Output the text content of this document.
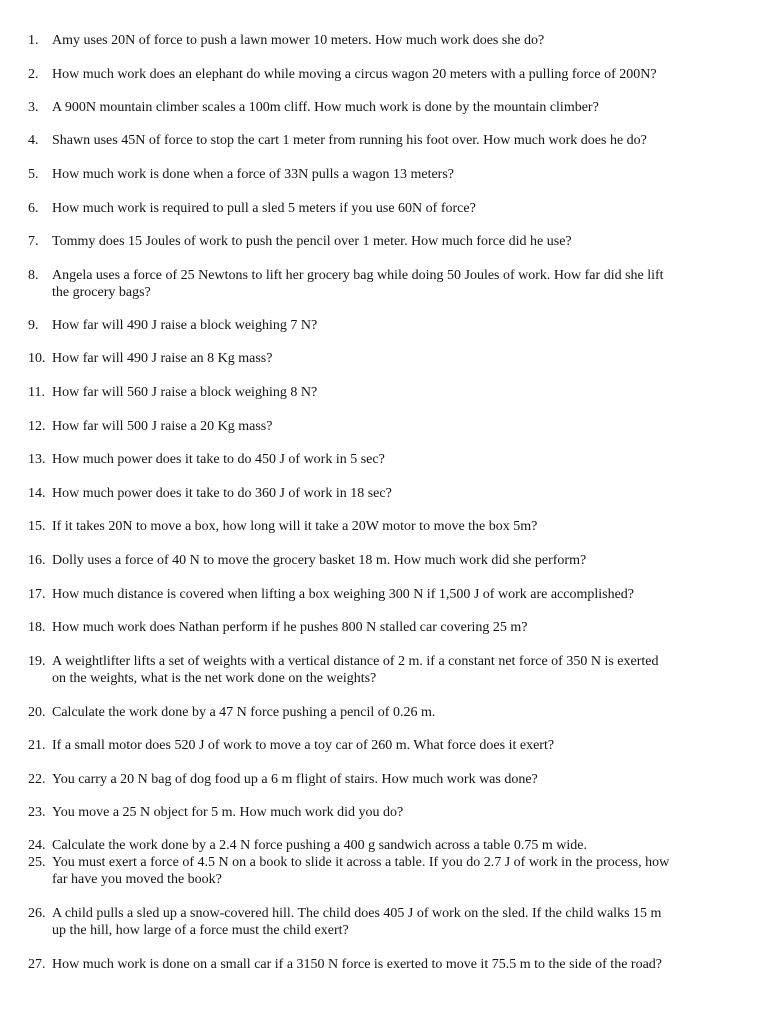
1. Amy uses 20N of force to push a lawn mower 10 meters. How much work does she do?
2. How much work does an elephant do while moving a circus wagon 20 meters with a pulling force of 200N?
3. A 900N mountain climber scales a 100m cliff. How much work is done by the mountain climber?
4. Shawn uses 45N of force to stop the cart 1 meter from running his foot over. How much work does he do?
5. How much work is done when a force of 33N pulls a wagon 13 meters?
6. How much work is required to pull a sled 5 meters if you use 60N of force?
7. Tommy does 15 Joules of work to push the pencil over 1 meter. How much force did he use?
8. Angela uses a force of 25 Newtons to lift her grocery bag while doing 50 Joules of work. How far did she lift
the grocery bags?
9. How far will 490 J raise a block weighing 7 N?
10. How far will 490 J raise an 8 Kg mass?
11. How far will 560 J raise a block weighing 8 N?
12. How far will 500 J raise a 20 Kg mass?
13. How much power does it take to do 450 J of work in 5 sec?
14. How much power does it take to do 360 J of work in 18 sec?
15. If it takes 20N to move a box, how long will it take a 20W motor to move the box 5m?
16. Dolly uses a force of 40 N to move the grocery basket 18 m. How much work did she perform?
17. How much distance is covered when lifting a box weighing 300 N if 1,500 J of work are accomplished?
18. How much work does Nathan perform if he pushes 800 N stalled car covering 25 m?
19. A weightlifter lifts a set of weights with a vertical distance of 2 m. if a constant net force of 350 N is exerted
on the weights, what is the net work done on the weights?
20. Calculate the work done by a 47 N force pushing a pencil of 0.26 m.
21. If a small motor does 520 J of work to move a toy car of 260 m. What force does it exert?
22. You carry a 20 N bag of dog food up a 6 m flight of stairs. How much work was done?
23. You move a 25 N object for 5 m. How much work did you do?
24. Calculate the work done by a 2.4 N force pushing a 400 g sandwich across a table 0.75 m wide.
25. You must exert a force of 4.5 N on a book to slide it across a table. If you do 2.7 J of work in the process, how
far have you moved the book?
26. A child pulls a sled up a snow-covered hill. The child does 405 J of work on the sled. If the child walks 15 m
up the hill, how large of a force must the child exert?
27. How much work is done on a small car if a 3150 N force is exerted to move it 75.5 m to the side of the road?
